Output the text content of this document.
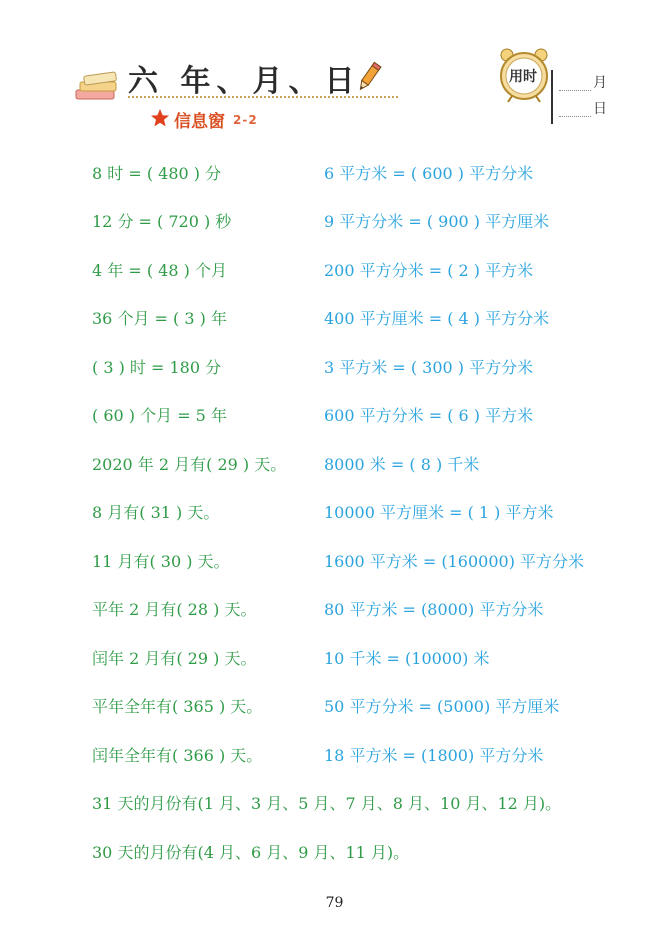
六 年、月、日
信息窗 2-2
用时	月
日
8 时 = ( 480 ) 分	6 平方米 = ( 600 ) 平方分米
12 分 = ( 720 ) 秒	9 平方分米 = ( 900 ) 平方厘米
4 年 = ( 48 ) 个月	200 平方分米 = ( 2 ) 平方米
36 个月 = ( 3 ) 年	400 平方厘米 = ( 4 ) 平方分米
( 3 ) 时 = 180 分	3 平方米 = ( 300 ) 平方分米
( 60 ) 个月 = 5 年	600 平方分米 = ( 6 ) 平方米
2020 年 2 月有( 29 ) 天。 8000 米 = ( 8 ) 千米
8 月有( 31 ) 天。	10000 平方厘米 = ( 1 ) 平方米
11 月有( 30 ) 天。	1600 平方米 = (160000) 平方分米
平年 2 月有( 28 ) 天。	80 平方米 = (8000) 平方分米
闰年 2 月有( 29 ) 天。	10 千米 = (10000) 米
平年全年有( 365 ) 天。	50 平方分米 = (5000) 平方厘米
闰年全年有( 366 ) 天。	18 平方米 = (1800) 平方分米
31 天的月份有(1 月、3 月、5 月、7 月、8 月、10 月、12 月)。
30 天的月份有(4 月、6 月、9 月、11 月)。
79
